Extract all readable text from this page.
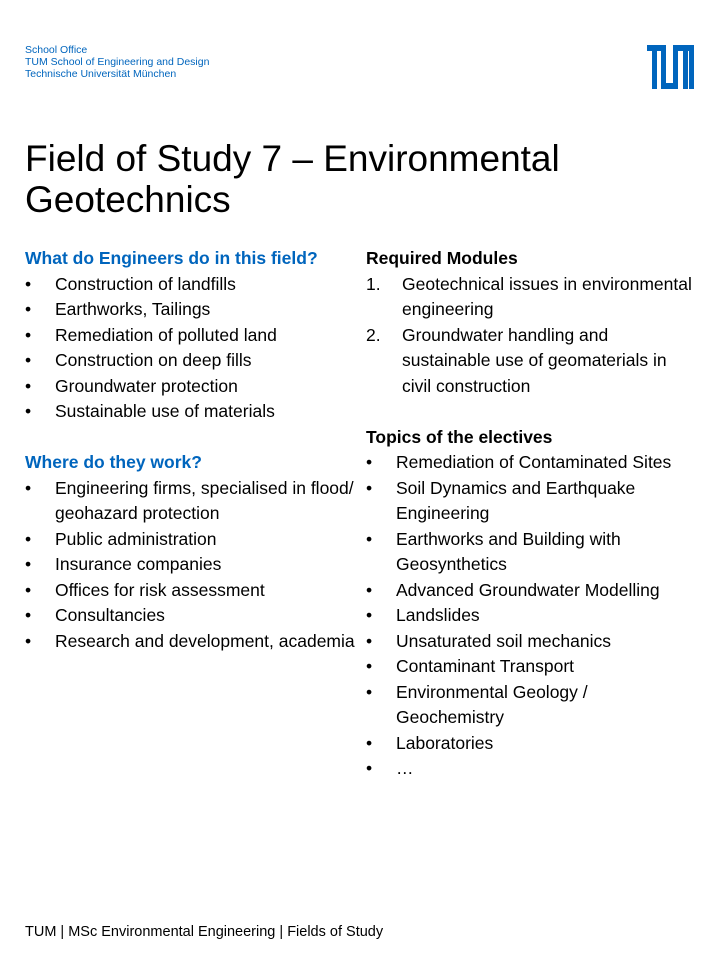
School Office
TUM School of Engineering and Design
Technische Universität München
Field of Study 7 – Environmental
Geotechnics
What do Engineers do in this field?
•	Construction of landfills
•	Earthworks, Tailings
•	Remediation of polluted land
•	Construction on deep fills
•	Groundwater protection
•	Sustainable use of materials
Where do they work?
•	Engineering firms, specialised in flood/ geohazard protection
•	Public administration
•	Insurance companies
•	Offices for risk assessment
•	Consultancies
•	Research and development, academia
Required Modules
1.	Geotechnical issues in environmental engineering
2.	Groundwater handling and sustainable use of geomaterials in civil construction
Topics of the electives
•	Remediation of Contaminated Sites
•	Soil Dynamics and Earthquake Engineering
•	Earthworks and Building with Geosynthetics
•	Advanced Groundwater Modelling
•	Landslides
•	Unsaturated soil mechanics
•	Contaminant Transport
•	Environmental Geology / Geochemistry
•	Laboratories
•	…
TUM | MSc Environmental Engineering | Fields of Study
